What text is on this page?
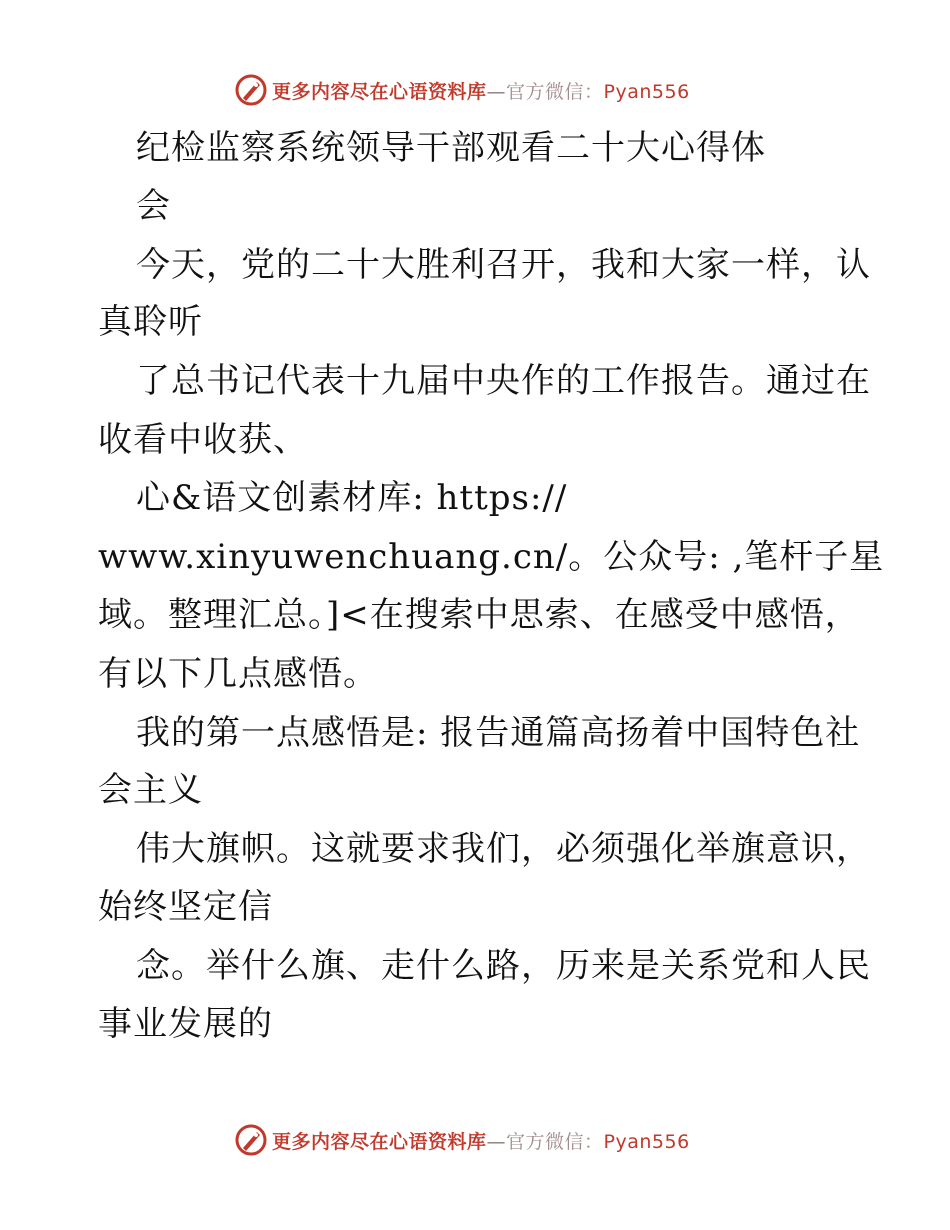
更多内容尽在心语资料库—官方微信：Pyan556
纪检监察系统领导干部观看二十大心得体
会
今天，党的二十大胜利召开，我和大家一样，认
真聆听
了总书记代表十九届中央作的工作报告。通过在
收看中收获、
心&语文创素材库: https://
www.xinyuwenchuang.cn/。公众号: ,笔杆子星
域。整理汇总。]<在搜索中思索、在感受中感悟，
有以下几点感悟。
我的第一点感悟是: 报告通篇高扬着中国特色社
会主义
伟大旗帜。这就要求我们，必须强化举旗意识，
始终坚定信
念。举什么旗、走什么路，历来是关系党和人民
事业发展的
更多内容尽在心语资料库—官方微信：Pyan556
